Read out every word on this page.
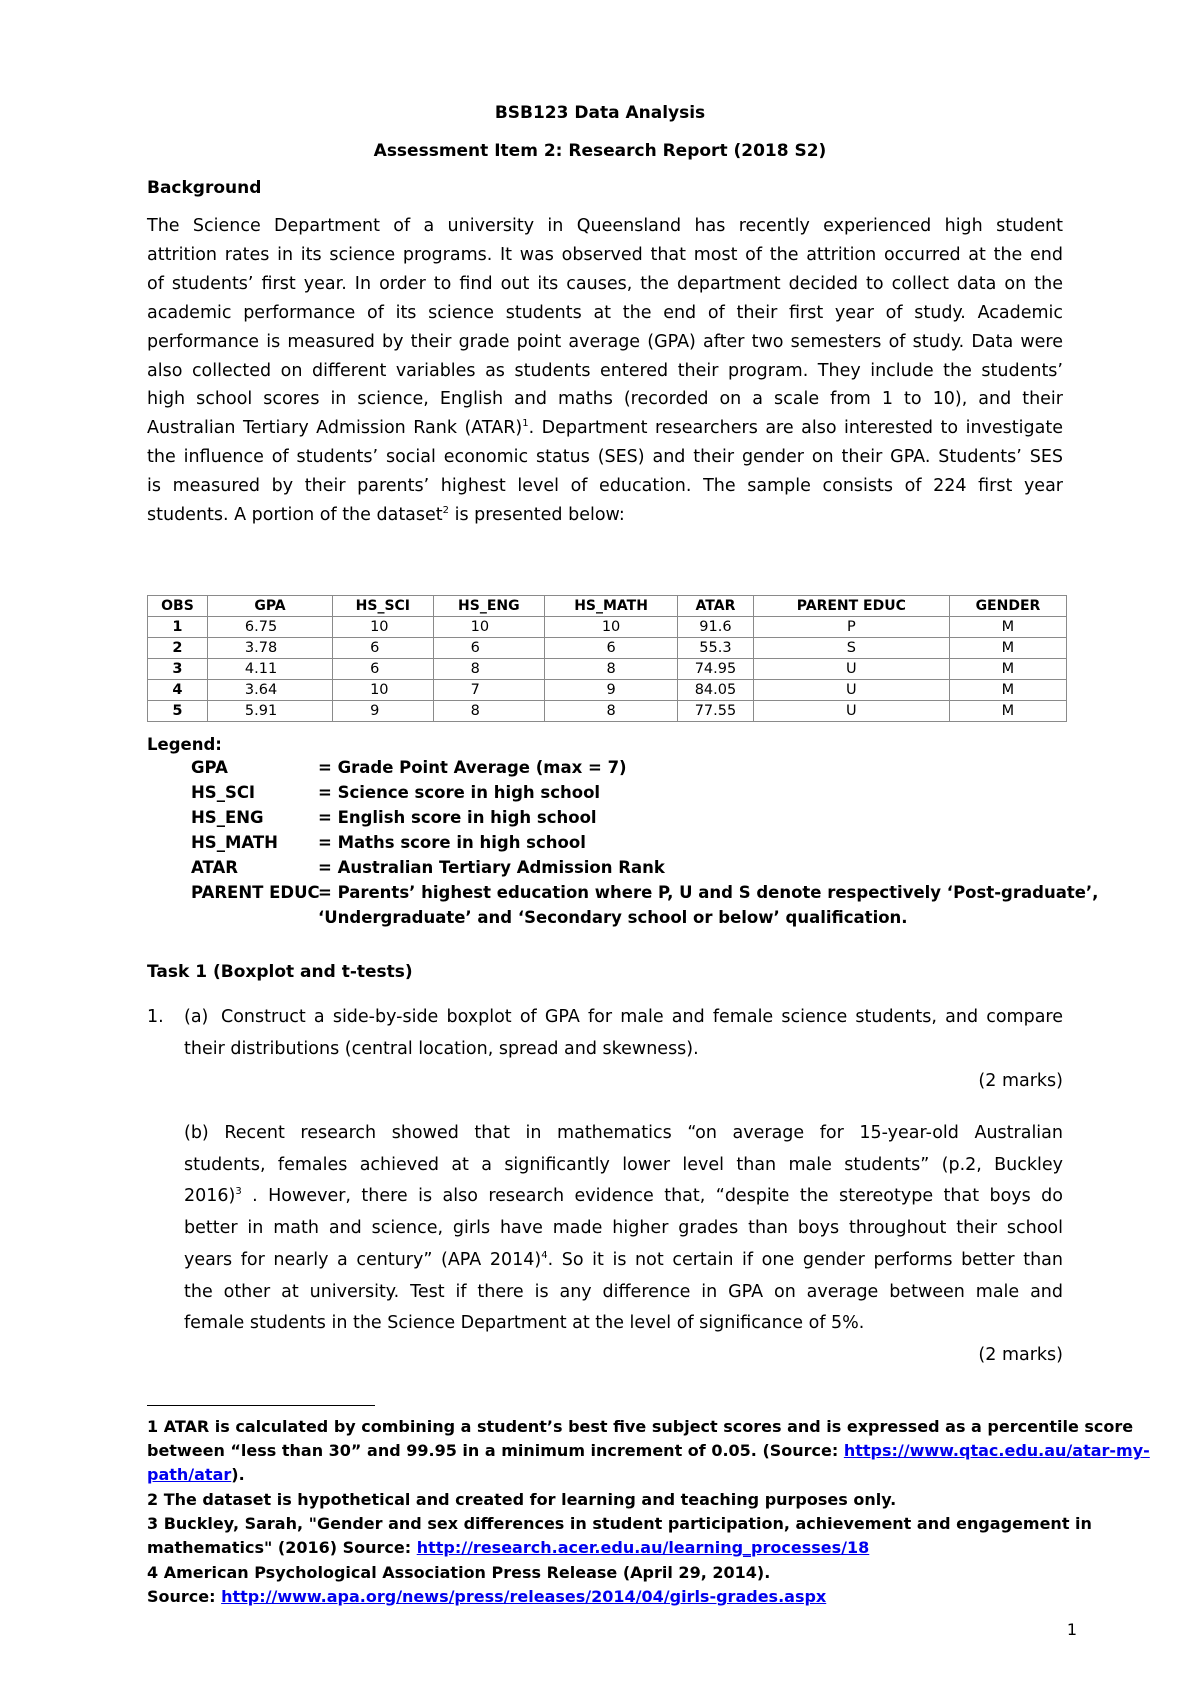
BSB123 Data Analysis
Assessment Item 2: Research Report (2018 S2)
Background
The Science Department of a university in Queensland has recently experienced high student
attrition rates in its science programs. It was observed that most of the attrition occurred at the end
of students’ first year. In order to find out its causes, the department decided to collect data on the
academic performance of its science students at the end of their first year of study. Academic
performance is measured by their grade point average (GPA) after two semesters of study. Data were
also collected on different variables as students entered their program. They include the students’
high school scores in science, English and maths (recorded on a scale from 1 to 10), and their
Australian Tertiary Admission Rank (ATAR)$^1$. Department researchers are also interested to investigate
the influence of students’ social economic status (SES) and their gender on their GPA. Students’ SES
is measured by their parents’ highest level of education. The sample consists of 224 first year
students. A portion of the dataset$^2$ is presented below:
OBS	GPA	HS_SCI	HS_ENG	HS_MATH	ATAR	PARENT EDUC	GENDER
1	6.75	10	10	10	91.6	P	M
2	3.78	6	6	6	55.3	S	M
3	4.11	6	8	8	74.95	U	M
4	3.64	10	7	9	84.05	U	M
5	5.91	9	8	8	77.55	U	M
Legend:
GPA	= Grade Point Average (max = 7)
HS_SCI	= Science score in high school
HS_ENG	= English score in high school
HS_MATH = Maths score in high school
ATAR	= Australian Tertiary Admission Rank
PARENT EDUC
= Parents’ highest education where P, U and S denote respectively ‘Post-graduate’,
‘Undergraduate’ and ‘Secondary school or below’ qualification.
Task 1 (Boxplot and t-tests)
1. (a) Construct a side-by-side boxplot of GPA for male and female science students, and compare
their distributions (central location, spread and skewness).
(2 marks)
(b) Recent research showed that in mathematics “on average for 15-year-old Australian
students, females achieved at a significantly lower level than male students” (p.2, Buckley
2016)$^3$ . However, there is also research evidence that, “despite the stereotype that boys do
better in math and science, girls have made higher grades than boys throughout their school
years for nearly a century” (APA 2014)$^4$. So it is not certain if one gender performs better than
the other at university. Test if there is any difference in GPA on average between male and
female students in the Science Department at the level of significance of 5%.
(2 marks)
1 ATAR is calculated by combining a student’s best five subject scores and is expressed as a percentile score
between “less than 30” and 99.95 in a minimum increment of 0.05. (Source: https://www.qtac.edu.au/atar-my-
path/atar).
2 The dataset is hypothetical and created for learning and teaching purposes only.
3 Buckley, Sarah, "Gender and sex differences in student participation, achievement and engagement in
mathematics" (2016) Source: http://research.acer.edu.au/learning_processes/18
4 American Psychological Association Press Release (April 29, 2014).
Source: http://www.apa.org/news/press/releases/2014/04/girls-grades.aspx
1
